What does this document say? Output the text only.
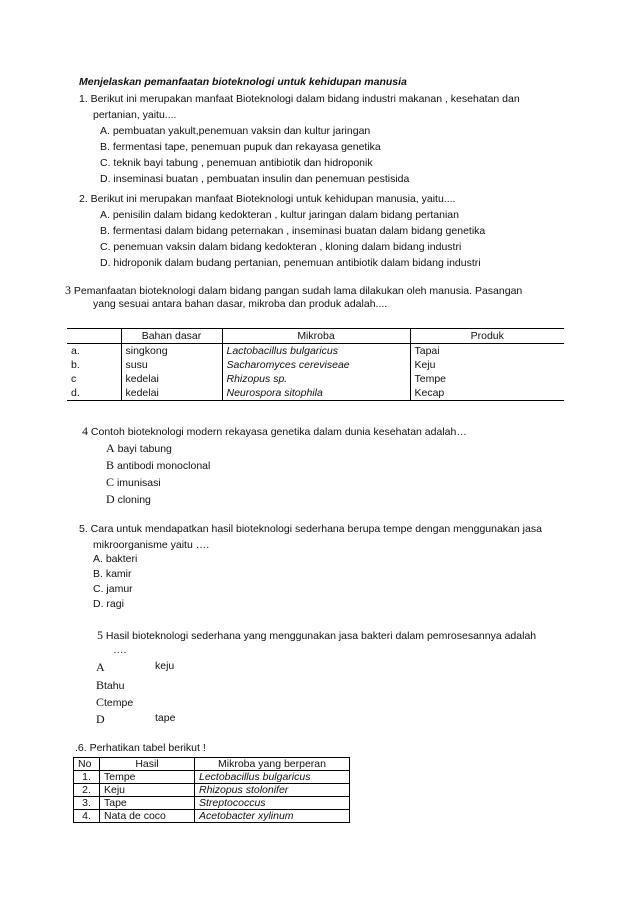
Menjelaskan pemanfaatan bioteknologi untuk kehidupan manusia
1. Berikut ini merupakan manfaat Bioteknologi dalam bidang industri makanan , kesehatan dan
pertanian, yaitu....
A. pembuatan yakult,penemuan vaksin dan kultur jaringan
B. fermentasi tape, penemuan pupuk dan rekayasa genetika
C. teknik bayi tabung , penemuan antibiotik dan hidroponik
D. inseminasi buatan , pembuatan insulin dan penemuan pestisida
2. Berikut ini merupakan manfaat Bioteknologi untuk kehidupan manusia, yaitu....
A. penisilin dalam bidang kedokteran , kultur jaringan dalam bidang pertanian
B. fermentasi dalam bidang peternakan , inseminasi buatan dalam bidang genetika
C. penemuan vaksin dalam bidang kedokteran , kloning dalam bidang industri
D. hidroponik dalam budang pertanian, penemuan antibiotik dalam bidang industri
3 Pemanfaatan bioteknologi dalam bidang pangan sudah lama dilakukan oleh manusia. Pasangan
yang sesuai antara bahan dasar, mikroba dan produk adalah....
	Bahan dasar	Mikroba	Produk
a.	singkong	Lactobacillus bulgaricus	Tapai
b.	susu	Sacharomyces cereviseae	Keju
c	kedelai	Rhizopus sp.	Tempe
d.	kedelai	Neurospora sitophila	Kecap
4 Contoh bioteknologi modern rekayasa genetika dalam dunia kesehatan adalah…
A bayi tabung
B antibodi monoclonal
C imunisasi
D cloning
5. Cara untuk mendapatkan hasil bioteknologi sederhana berupa tempe dengan menggunakan jasa
mikroorganisme yaitu ….
A. bakteri
B. kamir
C. jamur
D. ragi
5 Hasil bioteknologi sederhana yang menggunakan jasa bakteri dalam pemrosesannya adalah
….
A	keju
Btahu
Ctempe
D	tape
.6. Perhatikan tabel berikut !
No	Hasil	Mikroba yang berperan
1.	Tempe	Lectobacillus bulgaricus
2.	Keju	Rhizopus stolonifer
3.	Tape	Streptococcus
4.	Nata de coco	Acetobacter xylinum
